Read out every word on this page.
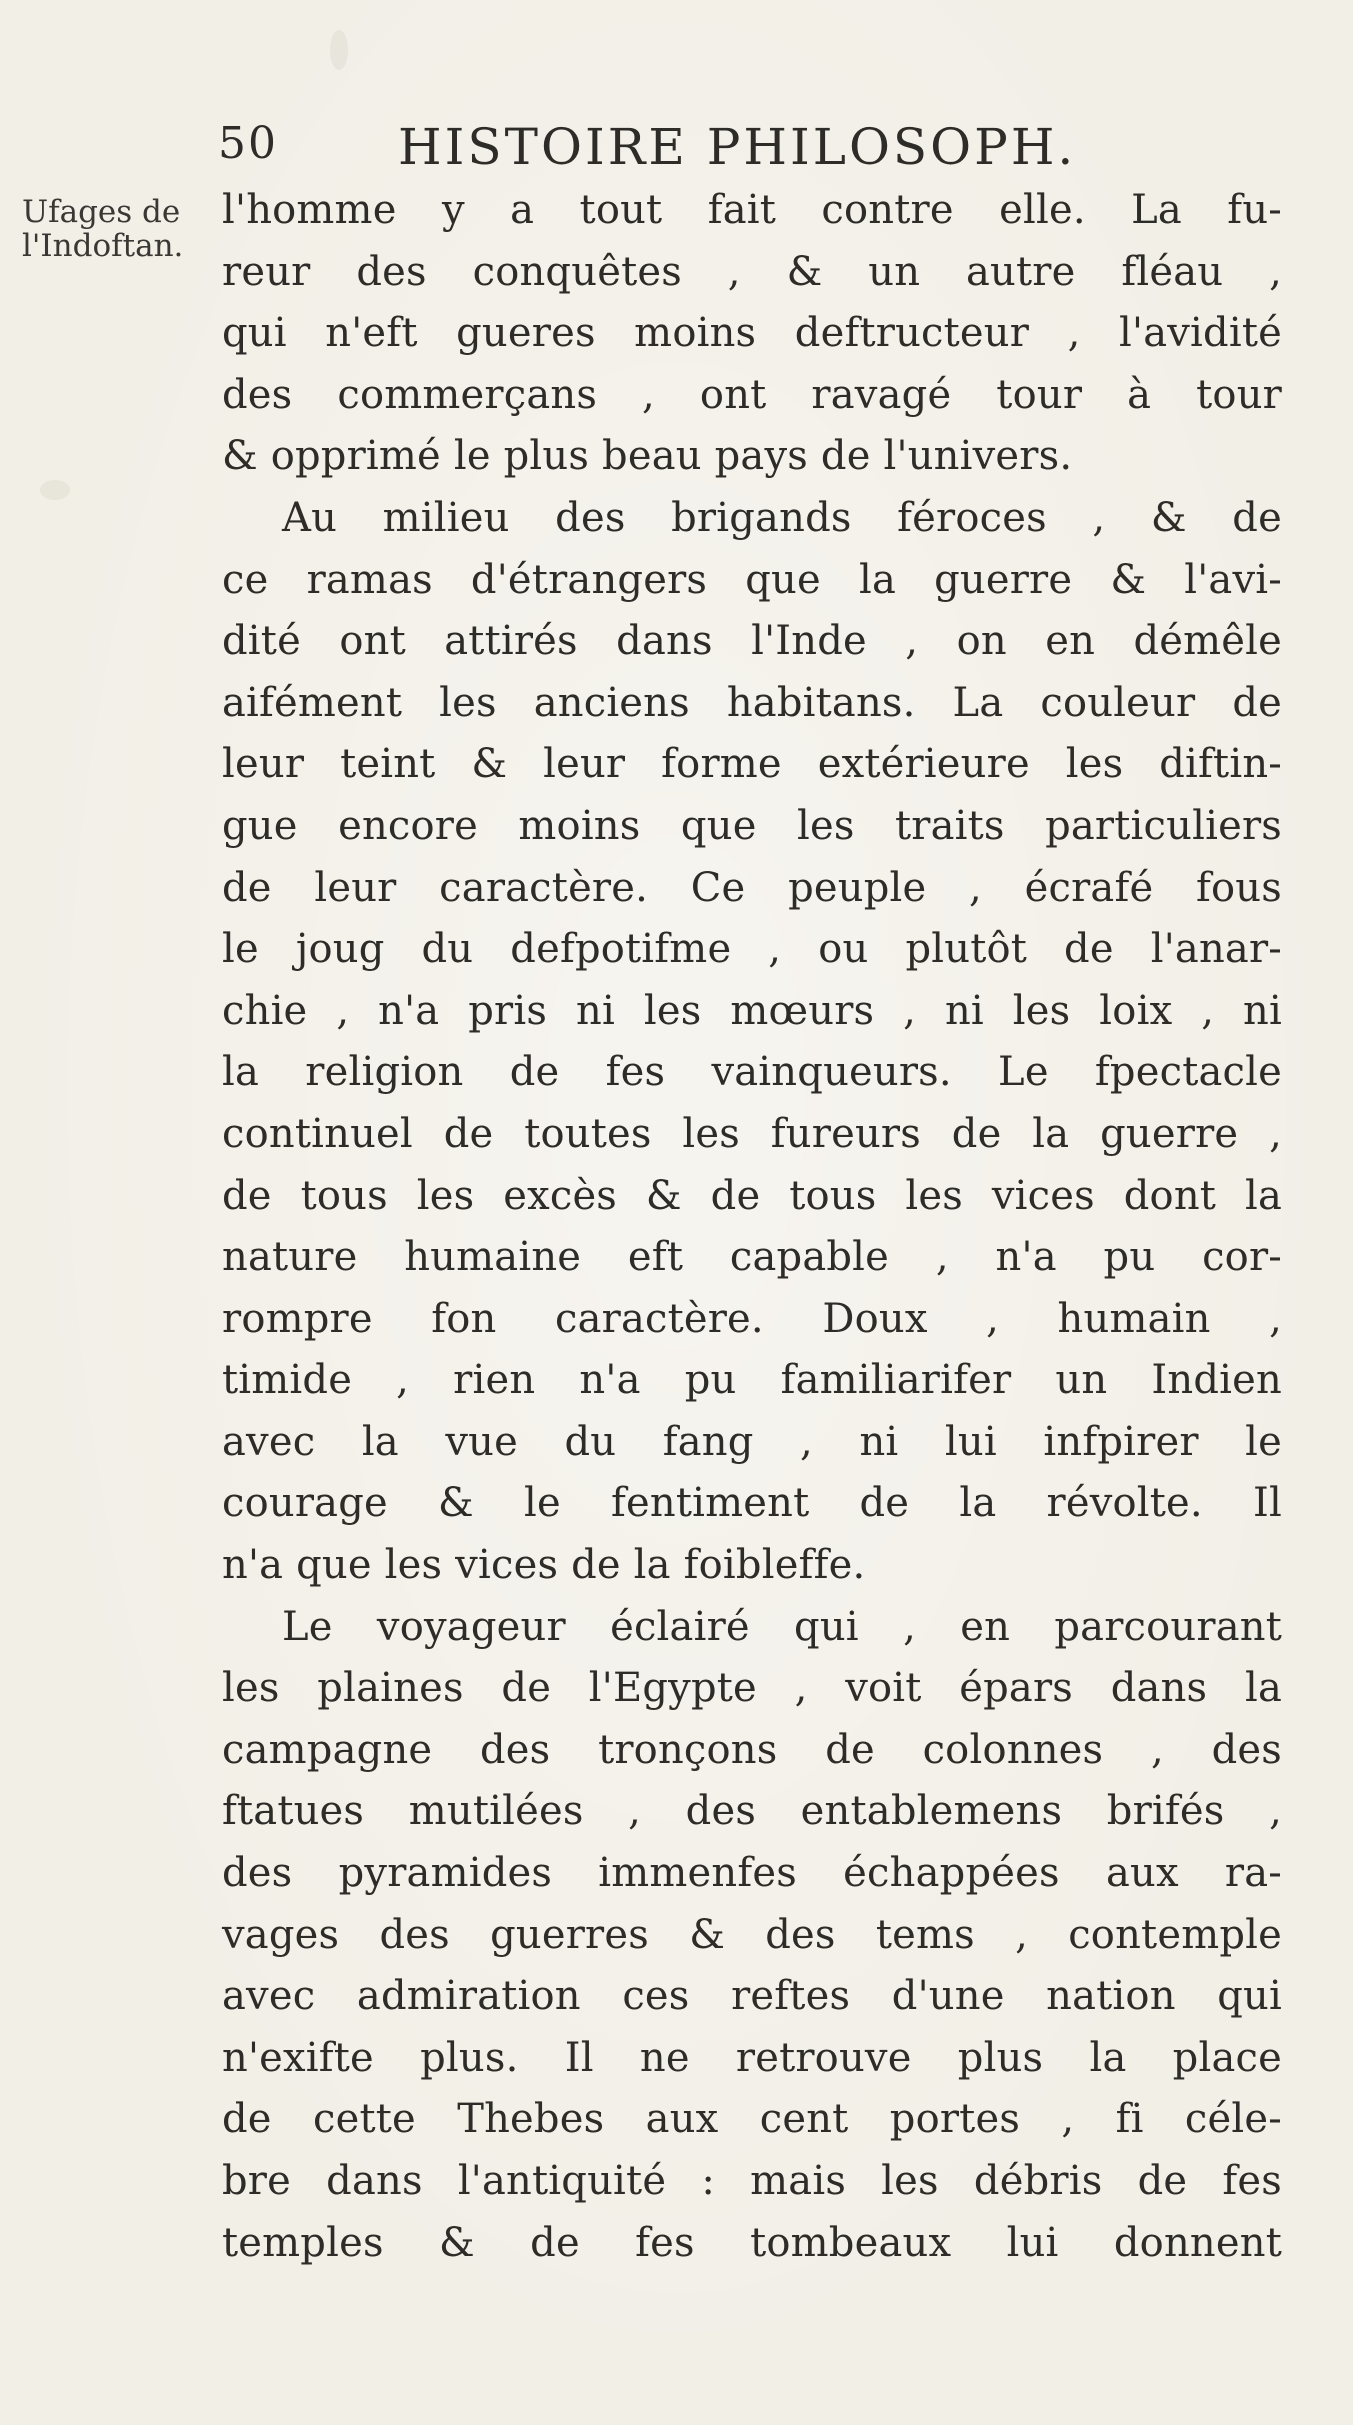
50 HISTOIRE PHILOSOPH.
Ufages de
l'Indoftan.
l'homme y a tout fait contre elle. La fu-
reur des conquêtes , & un autre fléau ,
qui n'eft gueres moins deftructeur , l'avidité
des commerçans , ont ravagé tour à tour
& opprimé le plus beau pays de l'univers.
Au milieu des brigands féroces , & de
ce ramas d'étrangers que la guerre & l'avi-
dité ont attirés dans l'Inde , on en démêle
aifément les anciens habitans. La couleur de
leur teint & leur forme extérieure les diftin-
gue encore moins que les traits particuliers
de leur caractère. Ce peuple , écrafé fous
le joug du defpotifme , ou plutôt de l'anar-
chie , n'a pris ni les mœurs , ni les loix , ni
la religion de fes vainqueurs. Le fpectacle
continuel de toutes les fureurs de la guerre ,
de tous les excès & de tous les vices dont la
nature humaine eft capable , n'a pu cor-
rompre fon caractère. Doux , humain ,
timide , rien n'a pu familiarifer un Indien
avec la vue du fang , ni lui infpirer le
courage & le fentiment de la révolte. Il
n'a que les vices de la foibleffe.
Le voyageur éclairé qui , en parcourant
les plaines de l'Egypte , voit épars dans la
campagne des tronçons de colonnes , des
ftatues mutilées , des entablemens brifés ,
des pyramides immenfes échappées aux ra-
vages des guerres & des tems , contemple
avec admiration ces reftes d'une nation qui
n'exifte plus. Il ne retrouve plus la place
de cette Thebes aux cent portes , fi céle-
bre dans l'antiquité : mais les débris de fes
temples & de fes tombeaux lui donnent
